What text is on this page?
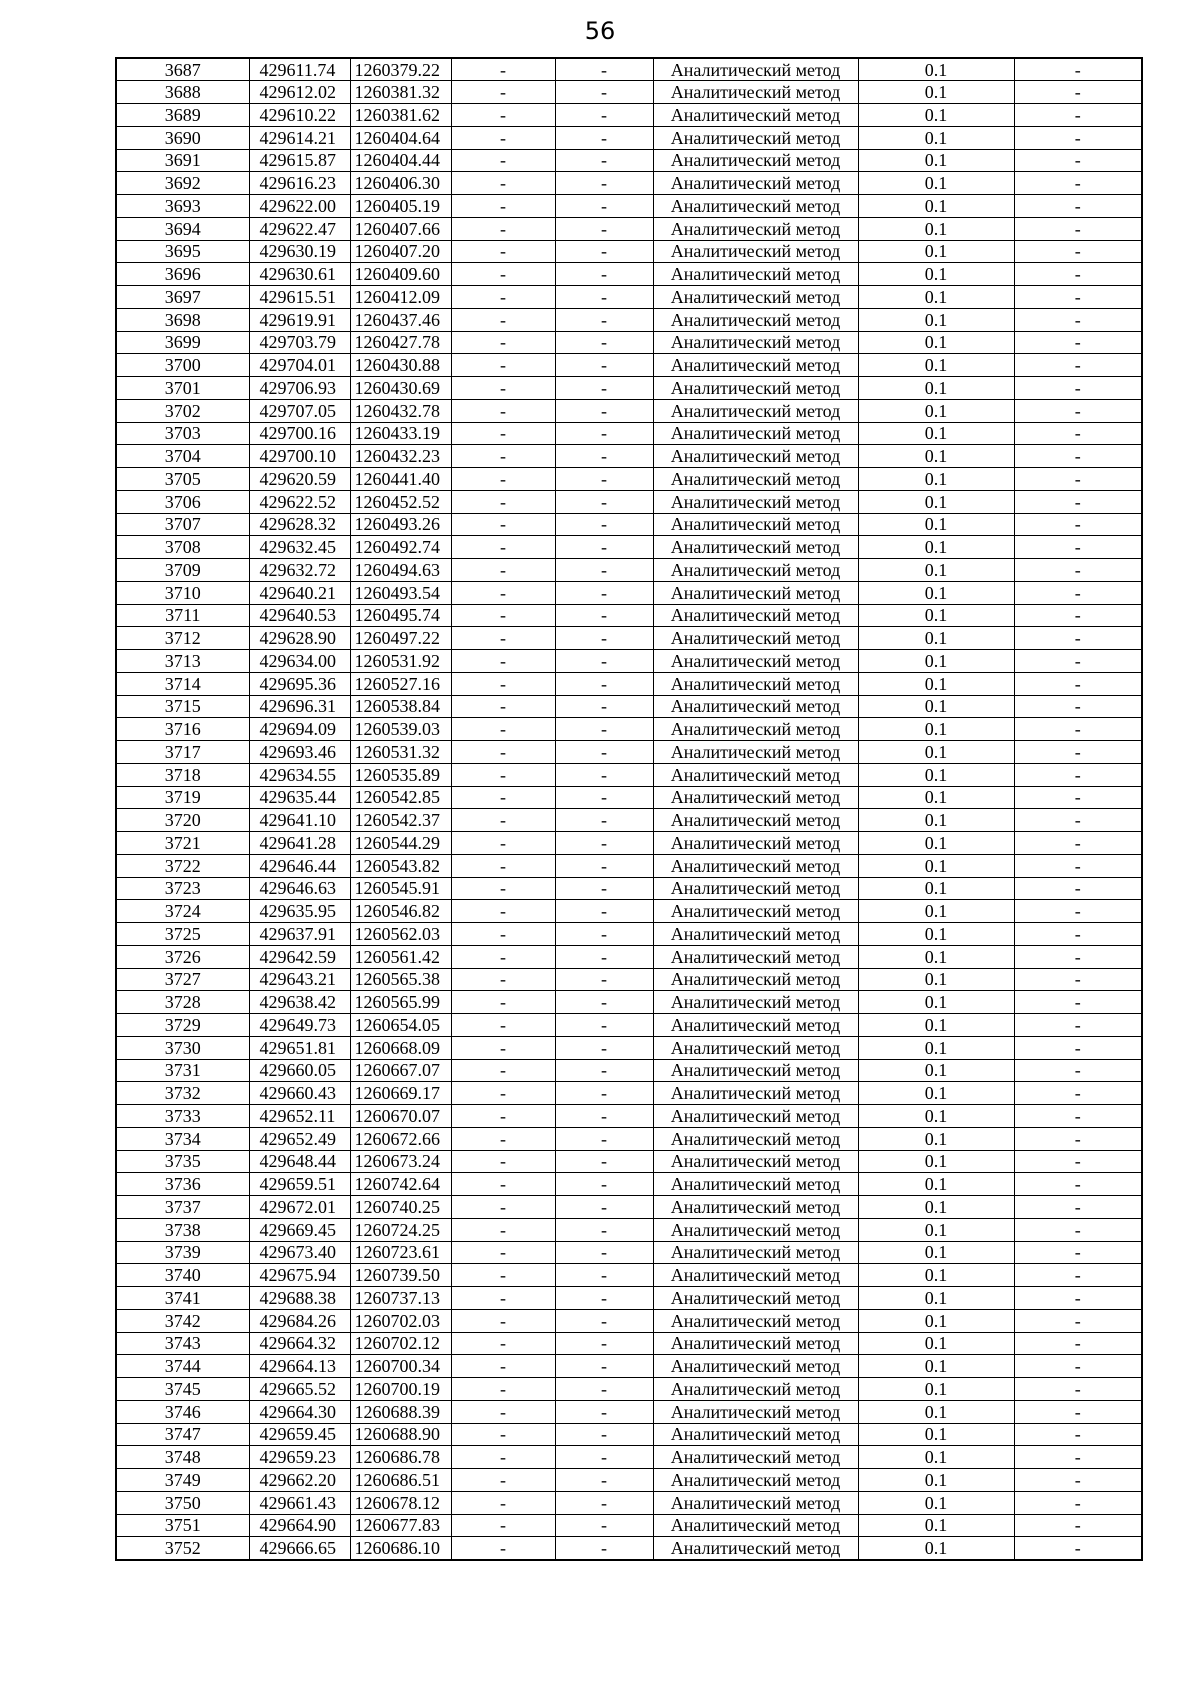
56
3687	429611.74	1260379.22	-	-	Аналитический метод	0.1	-
3688	429612.02	1260381.32	-	-	Аналитический метод	0.1	-
3689	429610.22	1260381.62	-	-	Аналитический метод	0.1	-
3690	429614.21	1260404.64	-	-	Аналитический метод	0.1	-
3691	429615.87	1260404.44	-	-	Аналитический метод	0.1	-
3692	429616.23	1260406.30	-	-	Аналитический метод	0.1	-
3693	429622.00	1260405.19	-	-	Аналитический метод	0.1	-
3694	429622.47	1260407.66	-	-	Аналитический метод	0.1	-
3695	429630.19	1260407.20	-	-	Аналитический метод	0.1	-
3696	429630.61	1260409.60	-	-	Аналитический метод	0.1	-
3697	429615.51	1260412.09	-	-	Аналитический метод	0.1	-
3698	429619.91	1260437.46	-	-	Аналитический метод	0.1	-
3699	429703.79	1260427.78	-	-	Аналитический метод	0.1	-
3700	429704.01	1260430.88	-	-	Аналитический метод	0.1	-
3701	429706.93	1260430.69	-	-	Аналитический метод	0.1	-
3702	429707.05	1260432.78	-	-	Аналитический метод	0.1	-
3703	429700.16	1260433.19	-	-	Аналитический метод	0.1	-
3704	429700.10	1260432.23	-	-	Аналитический метод	0.1	-
3705	429620.59	1260441.40	-	-	Аналитический метод	0.1	-
3706	429622.52	1260452.52	-	-	Аналитический метод	0.1	-
3707	429628.32	1260493.26	-	-	Аналитический метод	0.1	-
3708	429632.45	1260492.74	-	-	Аналитический метод	0.1	-
3709	429632.72	1260494.63	-	-	Аналитический метод	0.1	-
3710	429640.21	1260493.54	-	-	Аналитический метод	0.1	-
3711	429640.53	1260495.74	-	-	Аналитический метод	0.1	-
3712	429628.90	1260497.22	-	-	Аналитический метод	0.1	-
3713	429634.00	1260531.92	-	-	Аналитический метод	0.1	-
3714	429695.36	1260527.16	-	-	Аналитический метод	0.1	-
3715	429696.31	1260538.84	-	-	Аналитический метод	0.1	-
3716	429694.09	1260539.03	-	-	Аналитический метод	0.1	-
3717	429693.46	1260531.32	-	-	Аналитический метод	0.1	-
3718	429634.55	1260535.89	-	-	Аналитический метод	0.1	-
3719	429635.44	1260542.85	-	-	Аналитический метод	0.1	-
3720	429641.10	1260542.37	-	-	Аналитический метод	0.1	-
3721	429641.28	1260544.29	-	-	Аналитический метод	0.1	-
3722	429646.44	1260543.82	-	-	Аналитический метод	0.1	-
3723	429646.63	1260545.91	-	-	Аналитический метод	0.1	-
3724	429635.95	1260546.82	-	-	Аналитический метод	0.1	-
3725	429637.91	1260562.03	-	-	Аналитический метод	0.1	-
3726	429642.59	1260561.42	-	-	Аналитический метод	0.1	-
3727	429643.21	1260565.38	-	-	Аналитический метод	0.1	-
3728	429638.42	1260565.99	-	-	Аналитический метод	0.1	-
3729	429649.73	1260654.05	-	-	Аналитический метод	0.1	-
3730	429651.81	1260668.09	-	-	Аналитический метод	0.1	-
3731	429660.05	1260667.07	-	-	Аналитический метод	0.1	-
3732	429660.43	1260669.17	-	-	Аналитический метод	0.1	-
3733	429652.11	1260670.07	-	-	Аналитический метод	0.1	-
3734	429652.49	1260672.66	-	-	Аналитический метод	0.1	-
3735	429648.44	1260673.24	-	-	Аналитический метод	0.1	-
3736	429659.51	1260742.64	-	-	Аналитический метод	0.1	-
3737	429672.01	1260740.25	-	-	Аналитический метод	0.1	-
3738	429669.45	1260724.25	-	-	Аналитический метод	0.1	-
3739	429673.40	1260723.61	-	-	Аналитический метод	0.1	-
3740	429675.94	1260739.50	-	-	Аналитический метод	0.1	-
3741	429688.38	1260737.13	-	-	Аналитический метод	0.1	-
3742	429684.26	1260702.03	-	-	Аналитический метод	0.1	-
3743	429664.32	1260702.12	-	-	Аналитический метод	0.1	-
3744	429664.13	1260700.34	-	-	Аналитический метод	0.1	-
3745	429665.52	1260700.19	-	-	Аналитический метод	0.1	-
3746	429664.30	1260688.39	-	-	Аналитический метод	0.1	-
3747	429659.45	1260688.90	-	-	Аналитический метод	0.1	-
3748	429659.23	1260686.78	-	-	Аналитический метод	0.1	-
3749	429662.20	1260686.51	-	-	Аналитический метод	0.1	-
3750	429661.43	1260678.12	-	-	Аналитический метод	0.1	-
3751	429664.90	1260677.83	-	-	Аналитический метод	0.1	-
3752	429666.65	1260686.10	-	-	Аналитический метод	0.1	-
